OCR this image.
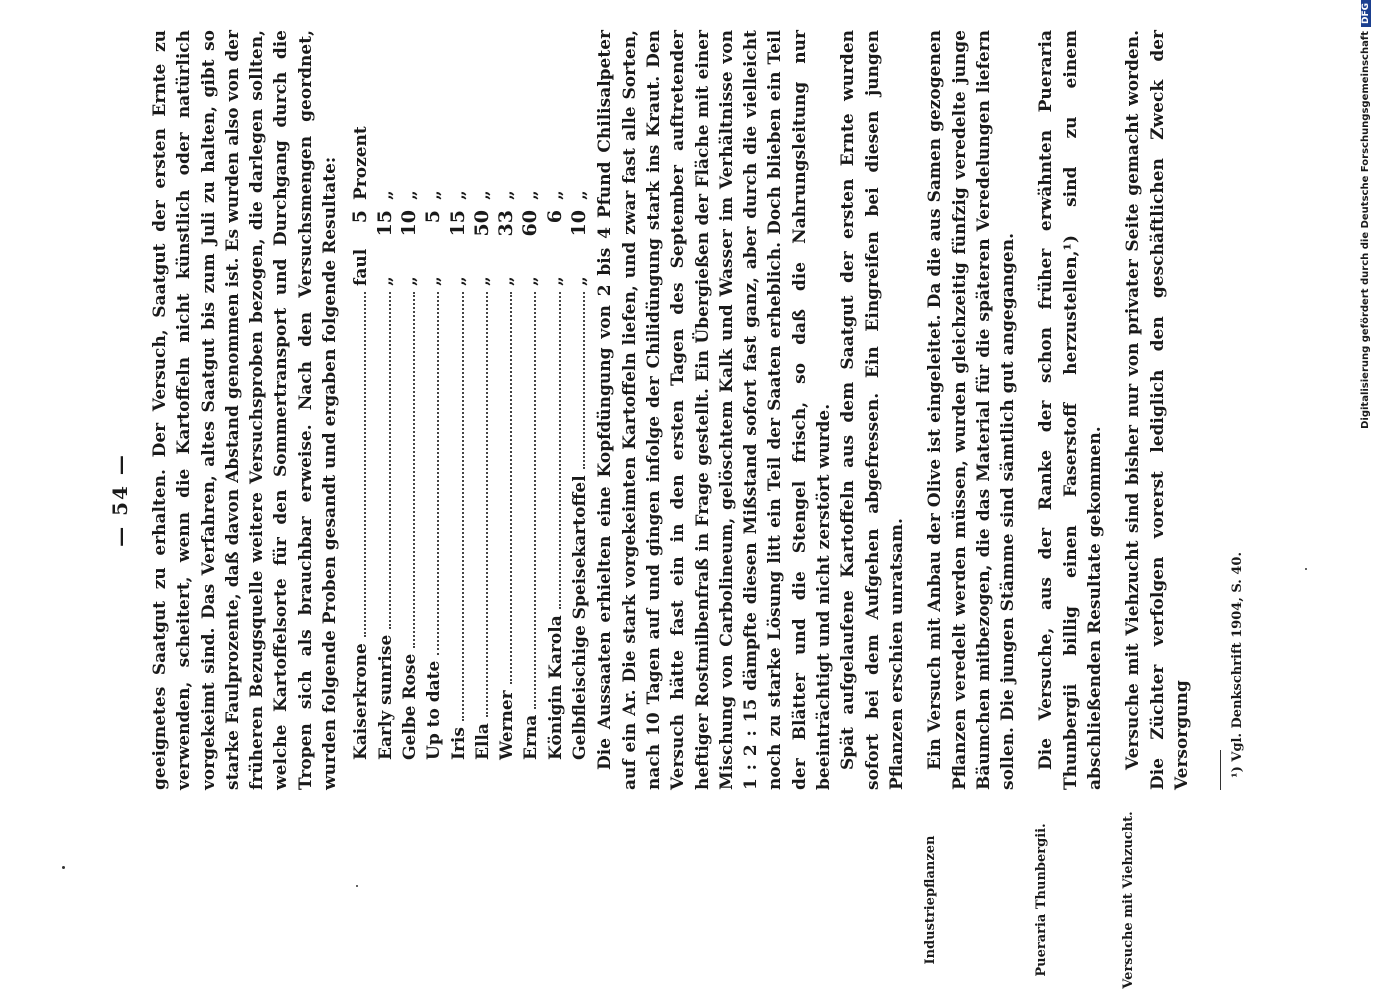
— 54 — geeignetes Saatgut zu erhalten. Der Versuch, Saatgut der ersten Ernte zu verwenden, scheitert, wenn die Kartoffeln nicht künstlich oder natürlich vorgekeimt sind. Das Verfahren, altes Saatgut bis zum Juli zu halten, gibt so starke Faulprozente, daß davon Abstand genommen ist. Es wurden also von der früheren Bezugsquelle weitere Versuchsproben bezogen, die darlegen sollten, welche Kartoffelsorte für den Sommertransport und Durchgang durch die Tropen sich als brauchbar erweise. Nach den Versuchsmengen geordnet, wurden folgende Proben gesandt und ergaben folgende Resultate: Kaiserkrone
faul
5
Prozent
Early sunrise
„
15
„
Gelbe Rose
„
10
„
Up to date
„
5
„
Iris
„
15
„
Ella
„
50
„
Werner
„
33
„
Erna
„
60
„
Königin Karola
„
6
„
Gelbfleischige Speisekartoffel
„
10
„ Die Aussaaten erhielten eine Kopfdüngung von 2 bis 4 Pfund Chilisalpeter auf ein Ar. Die stark vorgekeimten Kartoffeln liefen, und zwar fast alle Sorten, nach 10 Tagen auf und gingen infolge der Chilidüngung stark ins Kraut. Den Versuch hätte fast ein in den ersten Tagen des September auftretender heftiger Rostmilbenfraß in Frage gestellt. Ein Übergießen der Fläche mit einer Mischung von Carbolineum, gelöschtem Kalk und Wasser im Verhältnisse von 1 : 2 : 15 dämpfte diesen Mißstand sofort fast ganz, aber durch die vielleicht noch zu starke Lösung litt ein Teil der Saaten erheblich. Doch blieben ein Teil der Blätter und die Stengel frisch, so daß die Nahrungsleitung nur beeinträchtigt und nicht zerstört wurde. Spät aufgelaufene Kartoffeln aus dem Saatgut der ersten Ernte wurden sofort bei dem Aufgehen abgefressen. Ein Eingreifen bei diesen jungen Pflanzen erschien unratsam. Ein Versuch mit Anbau der Olive ist eingeleitet. Da die aus Samen gezogenen Pflanzen veredelt werden müssen, wurden gleichzeitig fünfzig veredelte junge Bäumchen mitbezogen, die das Material für die späteren Veredelungen liefern sollen. Die jungen Stämme sind sämtlich gut angegangen. Die Versuche, aus der Ranke der schon früher erwähnten Pueraria Thunbergii billig einen Faserstoff herzustellen,¹) sind zu einem abschließenden Resultate gekommen. Versuche mit Viehzucht sind bisher nur von privater Seite gemacht worden. Die Züchter verfolgen vorerst lediglich den geschäftlichen Zweck der Versorgung

Industriepflanzen	Pueraria Thunbergii.	Versuche mit Viehzucht.
¹) Vgl. Denkschrift 1904, S. 40.
Digitalisierung gefördert durch die Deutsche ForschungsgemeinschaftDFG
